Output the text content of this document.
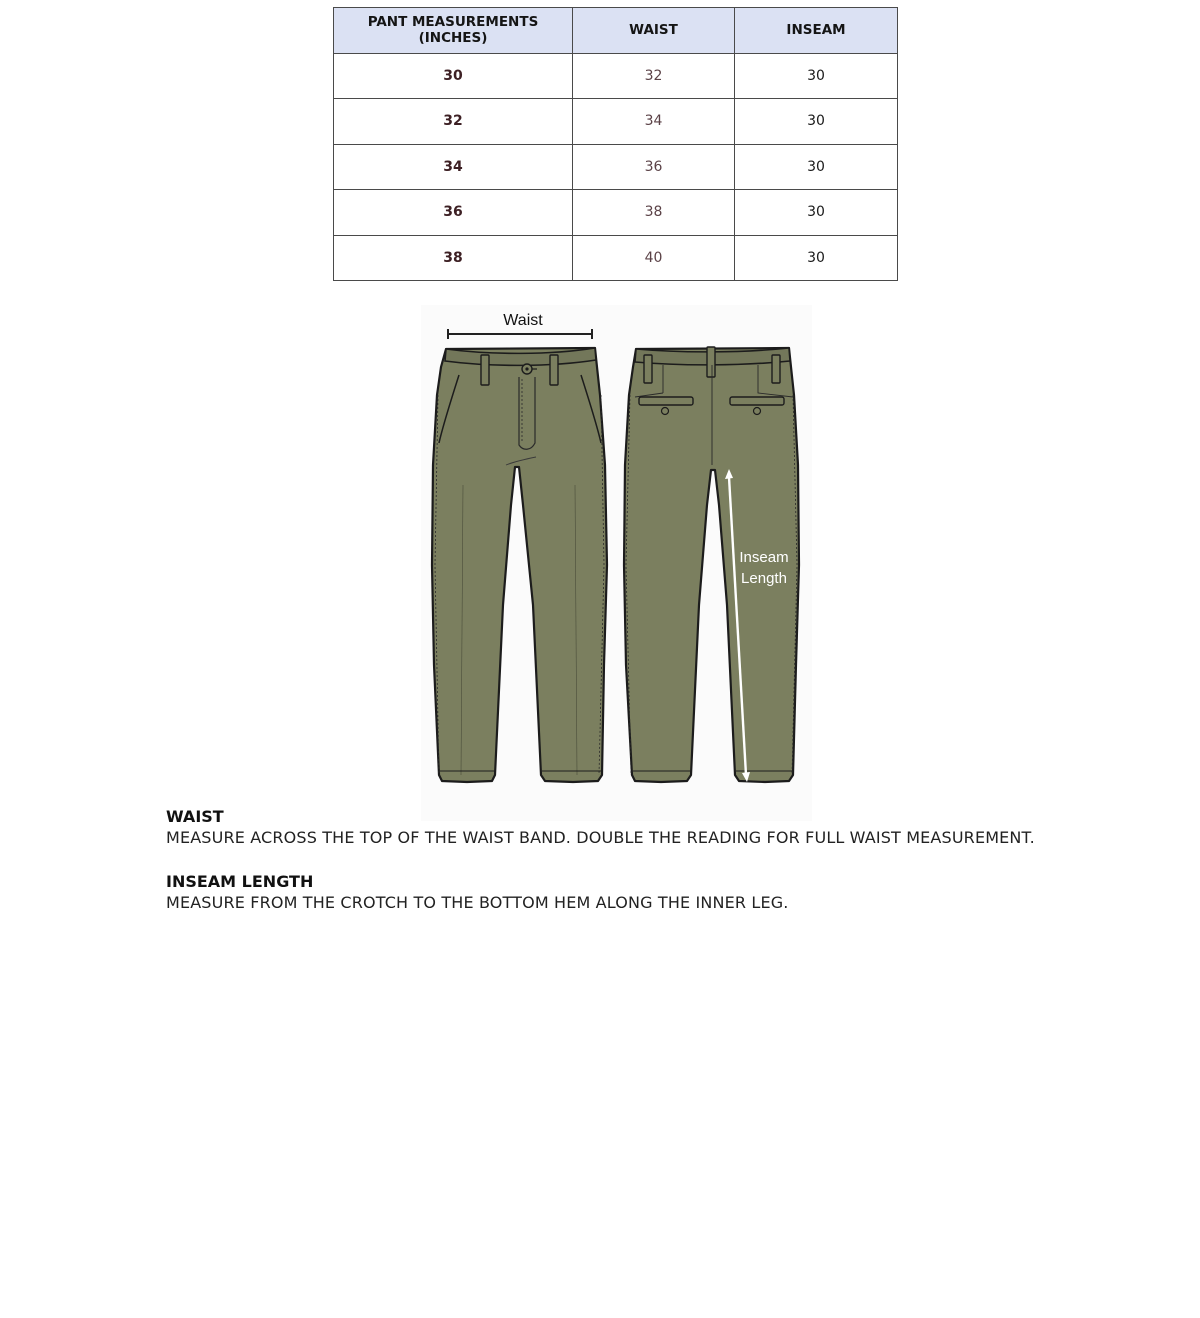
PANT MEASUREMENTS (INCHES)	WAIST	INSEAM
30	32	30
32	34	30
34	36	30
36	38	30
38	40	30
Waist
Inseam
Length
WAIST
MEASURE ACROSS THE TOP OF THE WAIST BAND. DOUBLE THE READING FOR FULL WAIST MEASUREMENT.
INSEAM LENGTH
MEASURE FROM THE CROTCH TO THE BOTTOM HEM ALONG THE INNER LEG.
